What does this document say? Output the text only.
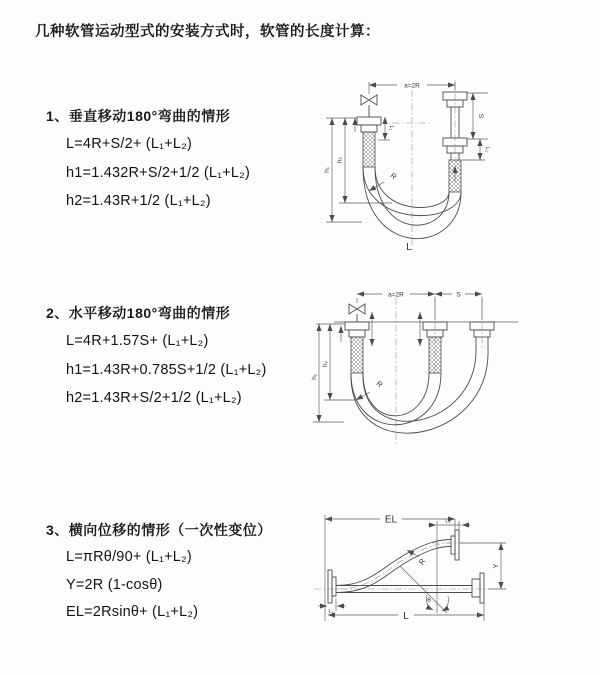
几种软管运动型式的安装方式时，软管的长度计算：
1、垂直移动180°弯曲的情形
L=4R+S/2+ (L₁+L₂)
h1=1.432R+S/2+1/2 (L₁+L₂)
h2=1.43R+1/2 (L₁+L₂)
2、水平移动180°弯曲的情形
L=4R+1.57S+ (L₁+L₂)
h1=1.43R+0.785S+1/2 (L₁+L₂)
h2=1.43R+S/2+1/2 (L₁+L₂)
3、横向位移的情形（一次性变位）
L=πRθ/90+ (L₁+L₂)
Y=2R (1-cosθ)
EL=2Rsinθ+ (L₁+L₂)
a=2R
L₁
S
L₁
h₂
h₁
R
L
a=2R	S
h₂
h₁
R
EL	L₂
Y
θ
R
L₁	L
